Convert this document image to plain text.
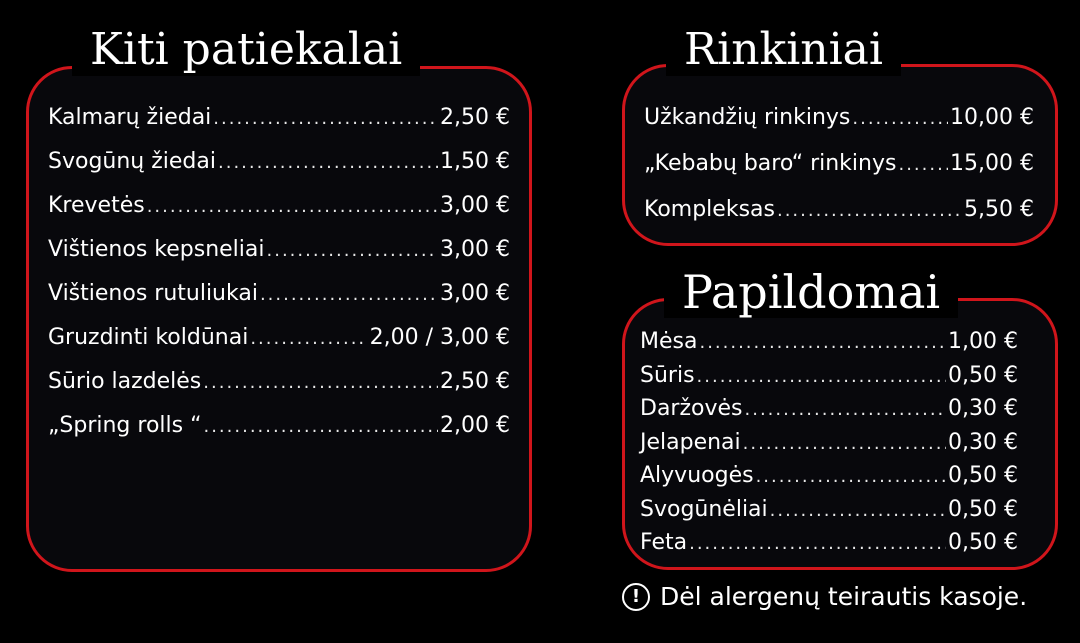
Kiti patiekalai
Kalmarų žiedai .....	2,50 €
Svogūnų žiedai .....	1,50 €
Krevetės .....	3,00 €
Vištienos kepsneliai .....	3,00 €
Vištienos rutuliukai .....	3,00 €
Gruzdinti koldūnai .....	2,00 / 3,00 €
Sūrio lazdelės .....	2,50 €
„Spring rolls “ .....	2,00 €
Rinkiniai
Užkandžių rinkinys .....	10,00 €
„Kebabų baro“ rinkinys ..... 15,00 €
Kompleksas .....	5,50 €
Papildomai
Mėsa .....	1,00 €
Sūris .....	0,50 €
Daržovės .....	0,30 €
Jelapenai .....	0,30 €
Alyvuogės .....	0,50 €
Svogūnėliai .....	0,50 €
Feta .....	0,50 €
! Dėl alergenų teirautis kasoje.
